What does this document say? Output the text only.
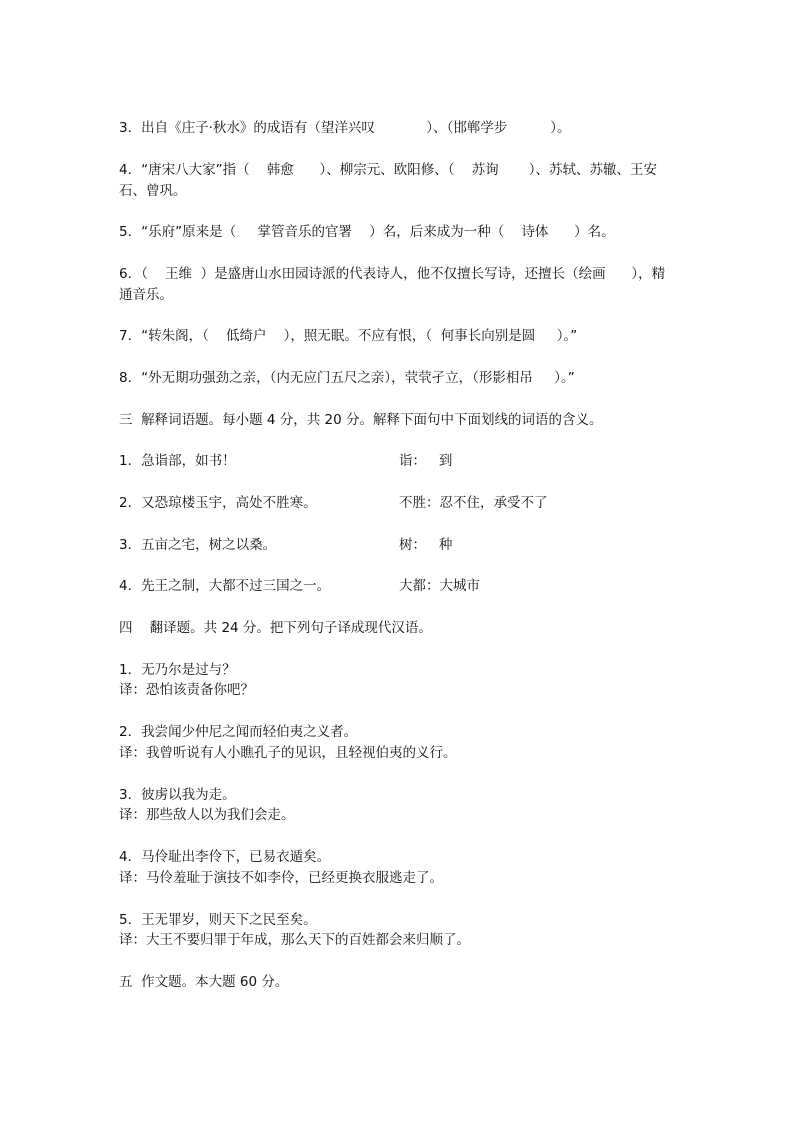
3．出自《庄子·秋水》的成语有（望洋兴叹            ）、（邯郸学步          ）。
4．“唐宋八大家”指（    韩愈      ）、柳宗元、欧阳修、（    苏询       ）、苏轼、苏辙、王安
石、曾巩。
5．“乐府”原来是（     掌管音乐的官署    ）名，后来成为一种（    诗体      ）名。
6．（    王维  ）是盛唐山水田园诗派的代表诗人，他不仅擅长写诗，还擅长（绘画      ），精
通音乐。
7．“转朱阁，（    低绮户    ），照无眠。不应有恨，（  何事长向别是圆     ）。”
8．“外无期功强劲之亲，（内无应门五尺之亲），茕茕孑立，（形影相吊     ）。”
三  解释词语题。每小题 4 分，共 20 分。解释下面句中下面划线的词语的含义。
1．急诣部，如书！	诣：   到
2．又恐琼楼玉宇，高处不胜寒。	不胜：忍不住，承受不了
3．五亩之宅，树之以桑。	树：   种
4．先王之制，大都不过三国之一。	大都：大城市
四    翻译题。共 24 分。把下列句子译成现代汉语。
1．无乃尔是过与？
译：恐怕该责备你吧？
2．我尝闻少仲尼之闻而轻伯夷之义者。
译：我曾听说有人小瞧孔子的见识，且轻视伯夷的义行。
3．彼虏以我为走。
译：那些敌人以为我们会走。
4．马伶耻出李伶下，已易衣遁矣。
译：马伶羞耻于演技不如李伶，已经更换衣服逃走了。
5．王无罪岁，则天下之民至矣。
译：大王不要归罪于年成，那么天下的百姓都会来归顺了。
五  作文题。本大题 60 分。
